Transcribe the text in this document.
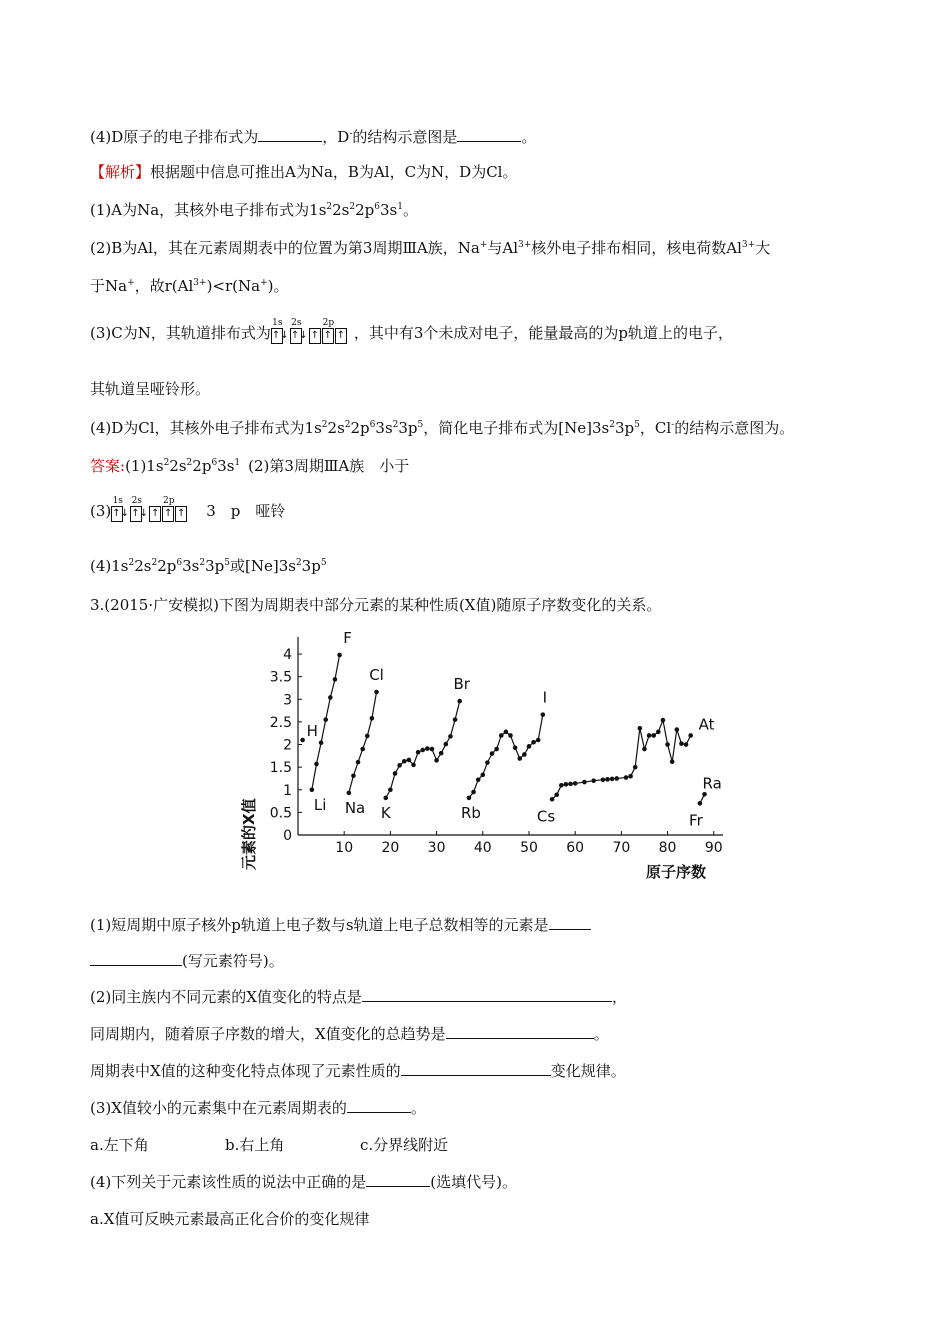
(4)D原子的电子排布式为	，D-的结构示意图是	。
【解析】根据题中信息可推出A为Na，B为Al，C为N，D为Cl。
(1)A为Na，其核外电子排布式为$1s^22s^22p^63s^1$。
(2)B为Al，其在元素周期表中的位置为第3周期ⅢA族，Na+与$Al^{3+}$核外电子排布相同，核电荷数$Al^{3+}$大
于Na+，故$r(Al^{3+})<r(Na^+)$。
(3)C为N，其轨道排布式为
1s
↑↓
2s
↑↓
2p
↑ ↑ ↑ ，其中有3个未成对电子，能量最高的为p轨道上的电子，
其轨道呈哑铃形。
(4)D为Cl，其核外电子排布式为$1s^22s^22p^63s^23p^5$，简化电子排布式为$[Ne]3s^23p^5$，Cl-的结构示意图为。
答案$:(1)1s^22s^22p^63s^1$ (2)第3周期ⅢA族　小于
(3)
1s
↑↓
2s
↑↓
2p
↑ ↑ ↑ 3　p　哑铃
$(4)1s^22s^22p^63s^23p^5$或$[Ne]3s^23p^5$
3.(2015·广安模拟)下图为周期表中部分元素的某种性质(X值)随原子序数变化的关系。
10 20 30 40 50 60 70 80 90
0
0.5
1
1.5
2
2.5
3
3.5
4
H
Li
F
Na
Cl
K
Br
Rb
I
Cs
At
Ra
Fr
元素的X值
原子序数
(1)短周期中原子核外p轨道上电子数与s轨道上电子总数相等的元素是
(写元素符号)。
(2)同主族内不同元素的X值变化的特点是	，
同周期内，随着原子序数的增大，X值变化的总趋势是	。
周期表中X值的这种变化特点体现了元素性质的	变化规律。
(3)X值较小的元素集中在元素周期表的	。
a.左下角	b.右上角	c.分界线附近
(4)下列关于元素该性质的说法中正确的是	(选填代号)。
a.X值可反映元素最高正化合价的变化规律
